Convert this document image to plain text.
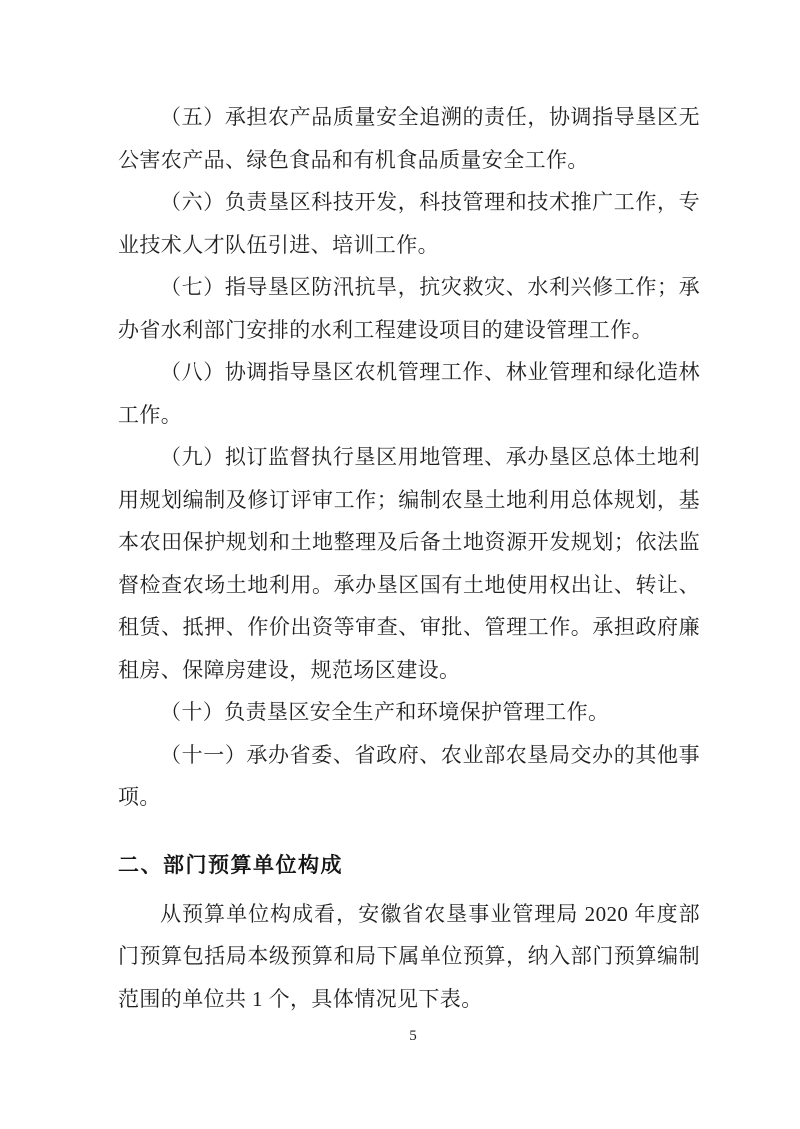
（五）承担农产品质量安全追溯的责任，协调指导垦区无
公害农产品、绿色食品和有机食品质量安全工作。
（六）负责垦区科技开发，科技管理和技术推广工作，专
业技术人才队伍引进、培训工作。
（七）指导垦区防汛抗旱，抗灾救灾、水利兴修工作；承
办省水利部门安排的水利工程建设项目的建设管理工作。
（八）协调指导垦区农机管理工作、林业管理和绿化造林
工作。
（九）拟订监督执行垦区用地管理、承办垦区总体土地利
用规划编制及修订评审工作；编制农垦土地利用总体规划，基
本农田保护规划和土地整理及后备土地资源开发规划；依法监
督检查农场土地利用。承办垦区国有土地使用权出让、转让、
租赁、抵押、作价出资等审查、审批、管理工作。承担政府廉
租房、保障房建设，规范场区建设。
（十）负责垦区安全生产和环境保护管理工作。
（十一）承办省委、省政府、农业部农垦局交办的其他事
项。
二、部门预算单位构成
从预算单位构成看，安徽省农垦事业管理局 2020 年度部
门预算包括局本级预算和局下属单位预算，纳入部门预算编制
范围的单位共 1 个，具体情况见下表。
5
